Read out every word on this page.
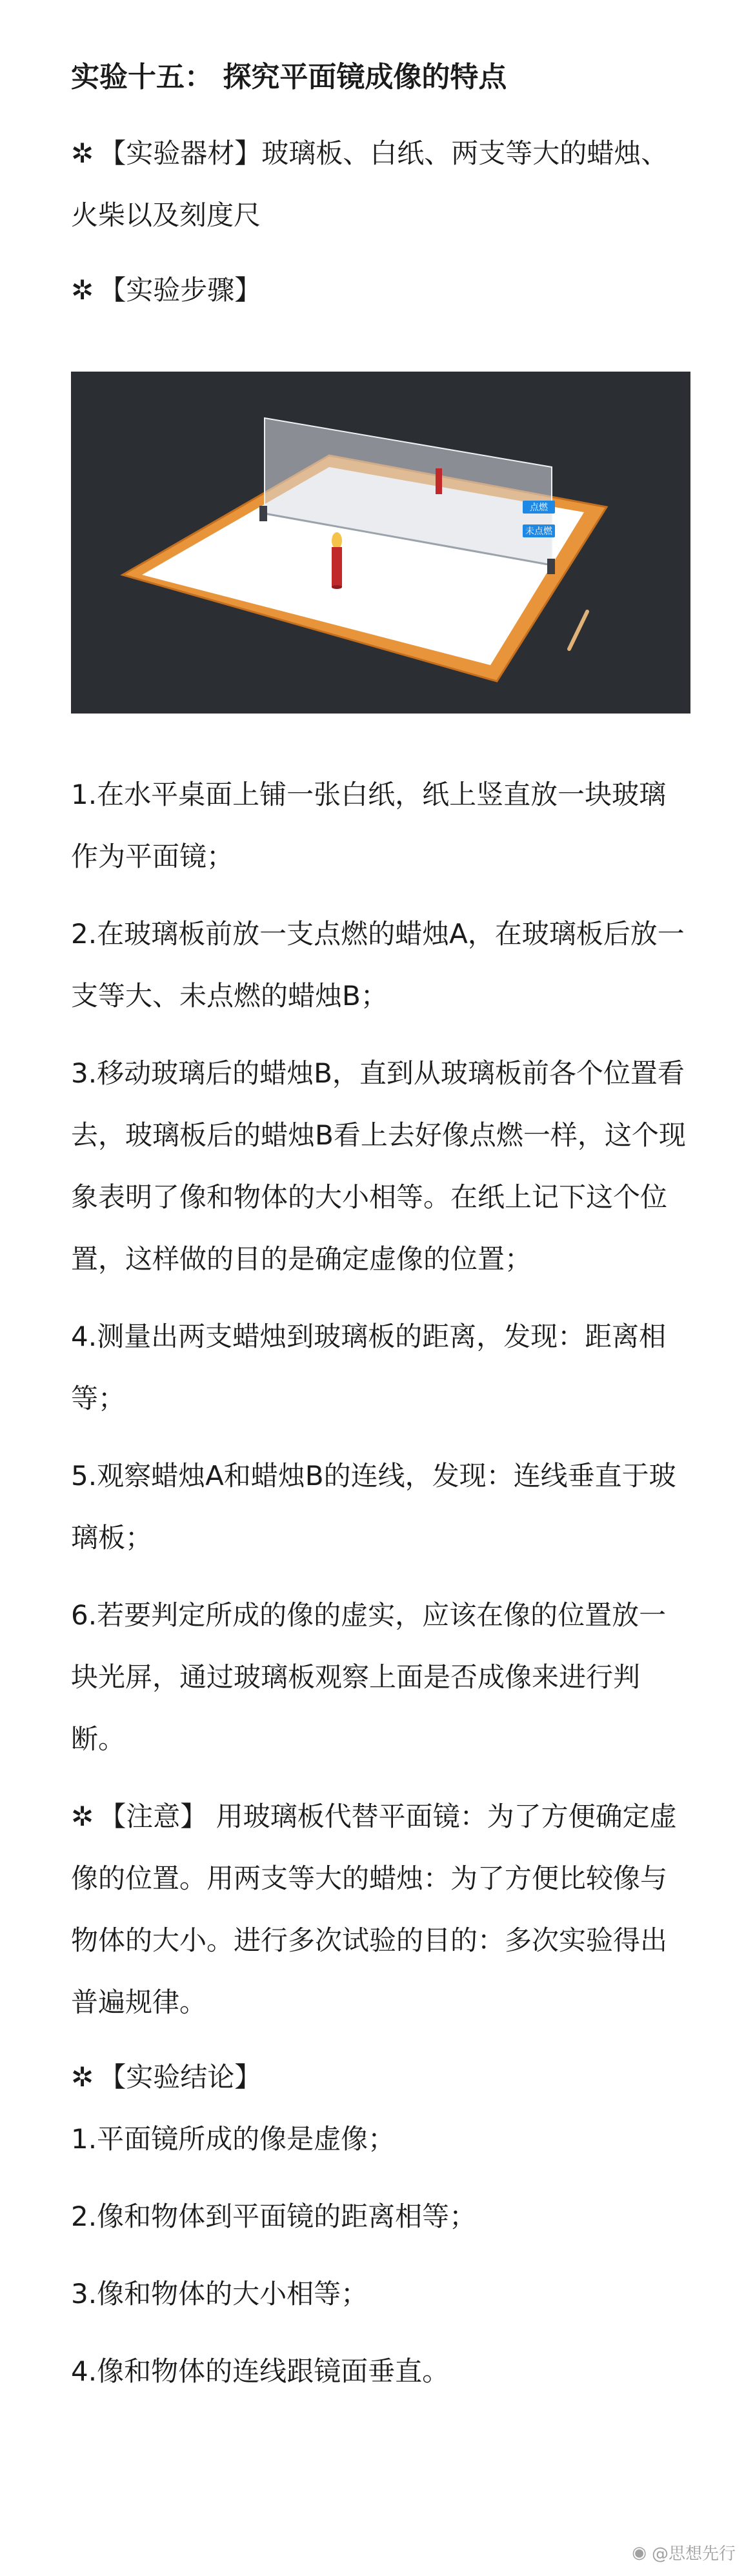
实验十五： 探究平面镜成像的特点
✲ 【实验器材】玻璃板、白纸、两支等大的蜡烛、火柴以及刻度尺
✲ 【实验步骤】
点燃
未点燃
1.在水平桌面上铺一张白纸，纸上竖直放一块玻璃作为平面镜；
2.在玻璃板前放一支点燃的蜡烛A，在玻璃板后放一支等大、未点燃的蜡烛B；
3.移动玻璃后的蜡烛B，直到从玻璃板前各个位置看去，玻璃板后的蜡烛B看上去好像点燃一样，这个现象表明了像和物体的大小相等。在纸上记下这个位置，这样做的目的是确定虚像的位置；
4.测量出两支蜡烛到玻璃板的距离，发现：距离相等；
5.观察蜡烛A和蜡烛B的连线，发现：连线垂直于玻璃板；
6.若要判定所成的像的虚实，应该在像的位置放一块光屏，通过玻璃板观察上面是否成像来进行判断。
✲ 【注意】 用玻璃板代替平面镜：为了方便确定虚像的位置。用两支等大的蜡烛：为了方便比较像与物体的大小。进行多次试验的目的：多次实验得出普遍规律。
✲ 【实验结论】
1.平面镜所成的像是虚像；
2.像和物体到平面镜的距离相等；
3.像和物体的大小相等；
4.像和物体的连线跟镜面垂直。
◉ @思想先行
